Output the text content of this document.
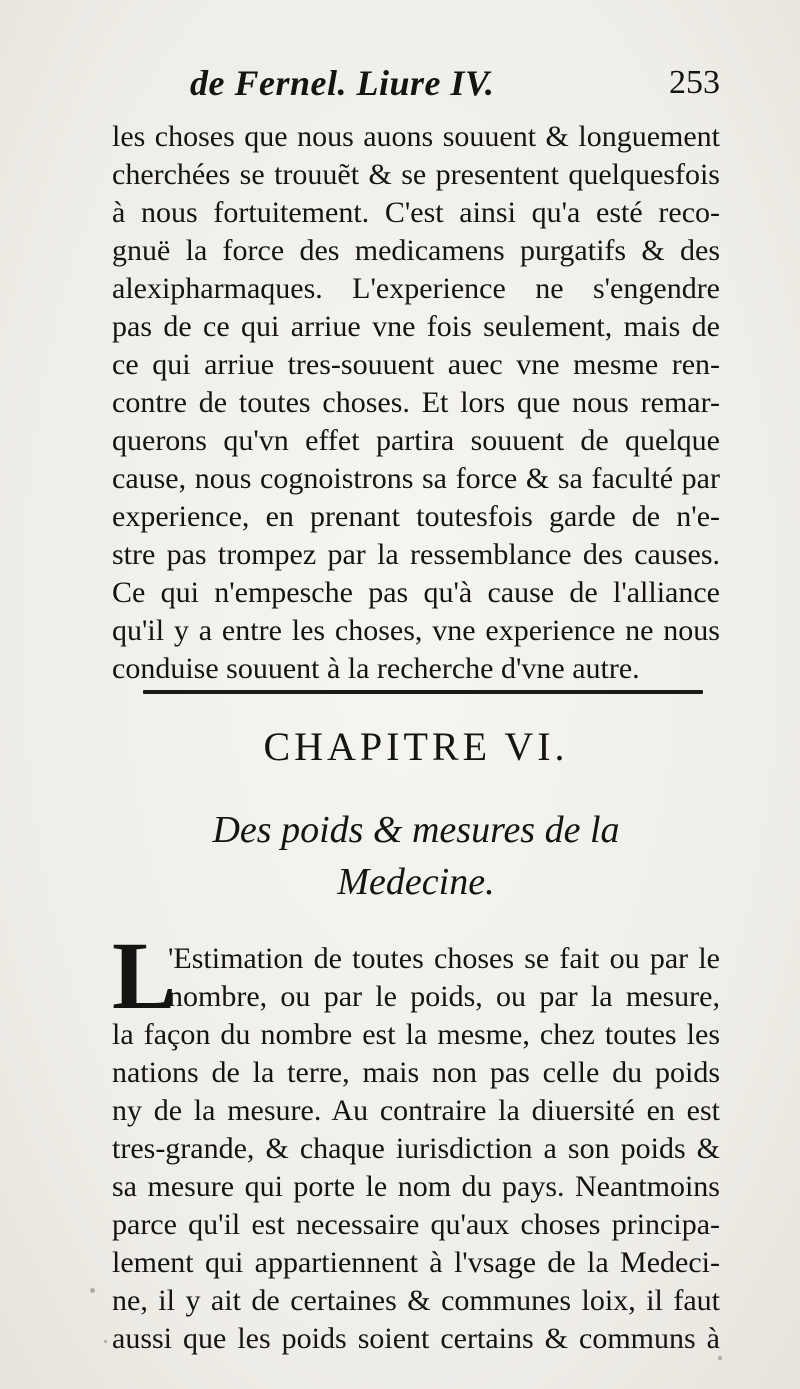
de Fernel. Liure IV.	253
les choses que nous auons souuent & longuement
cherchées se trouuẽt & se presentent quelquesfois
à nous fortuitement. C'est ainsi qu'a esté reco-
gnuë la force des medicamens purgatifs & des
alexipharmaques. L'experience ne s'engendre
pas de ce qui arriue vne fois seulement, mais de
ce qui arriue tres-souuent auec vne mesme ren-
contre de toutes choses. Et lors que nous remar-
querons qu'vn effet partira souuent de quelque
cause, nous cognoistrons sa force & sa faculté par
experience, en prenant toutesfois garde de n'e-
stre pas trompez par la ressemblance des causes.
Ce qui n'empesche pas qu'à cause de l'alliance
qu'il y a entre les choses, vne experience ne nous
conduise souuent à la recherche d'vne autre.
CHAPITRE VI.
Des poids & mesures de la
Medecine.
L
'Estimation de toutes choses se fait ou par le
nombre, ou par le poids, ou par la mesure,
la façon du nombre est la mesme, chez toutes les
nations de la terre, mais non pas celle du poids
ny de la mesure. Au contraire la diuersité en est
tres-grande, & chaque iurisdiction a son poids &
sa mesure qui porte le nom du pays. Neantmoins
parce qu'il est necessaire qu'aux choses principa-
lement qui appartiennent à l'vsage de la Medeci-
ne, il y ait de certaines & communes loix, il faut
aussi que les poids soient certains & communs à
